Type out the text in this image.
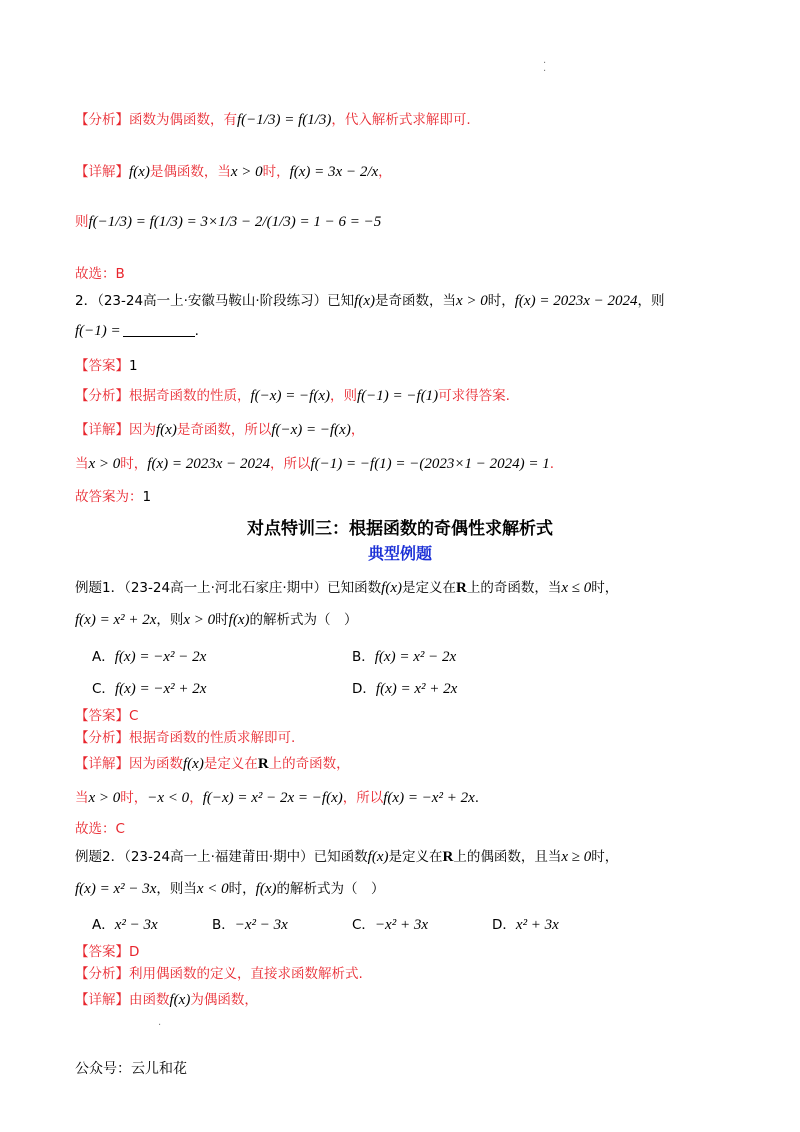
【分析】函数为偶函数，有f(−1/3) = f(1/3)，代入解析式求解即可.
【详解】f(x)是偶函数，当x > 0时，f(x) = 3x − 2/x，
则f(−1/3) = f(1/3) = 3×1/3 − 2/(1/3) = 1 − 6 = −5
故选：B
2．（23-24高一上·安徽马鞍山·阶段练习）已知f(x)是奇函数，当x > 0时，f(x) = 2023x − 2024，则
f(−1) =	.
【答案】1
【分析】根据奇函数的性质，f(−x) = −f(x)，则f(−1) = −f(1)可求得答案.
【详解】因为f(x)是奇函数，所以f(−x) = −f(x)，
当x > 0时，f(x) = 2023x − 2024，所以f(−1) = −f(1) = −(2023×1 − 2024) = 1.
故答案为：1
对点特训三：根据函数的奇偶性求解析式
典型例题
例题1．（23-24高一上·河北石家庄·期中）已知函数f(x)是定义在R上的奇函数，当x ≤ 0时，
f(x) = x² + 2x，则x > 0时f(x)的解析式为（　）
A．f(x) = −x² − 2x	B．f(x) = x² − 2x
C．f(x) = −x² + 2x	D．f(x) = x² + 2x
【答案】C
【分析】根据奇函数的性质求解即可.
【详解】因为函数f(x)是定义在R上的奇函数，
当x > 0时，−x < 0，f(−x) = x² − 2x = −f(x)，所以f(x) = −x² + 2x.
故选：C
例题2．（23-24高一上·福建莆田·期中）已知函数f(x)是定义在R上的偶函数，且当x ≥ 0时，
f(x) = x² − 3x，则当x < 0时，f(x)的解析式为（　）
A．x² − 3x	B．−x² − 3x	C．−x² + 3x	D．x² + 3x
【答案】D
【分析】利用偶函数的定义，直接求函数解析式.
【详解】由函数f(x)为偶函数，
·
·
·
公众号：云儿和花
